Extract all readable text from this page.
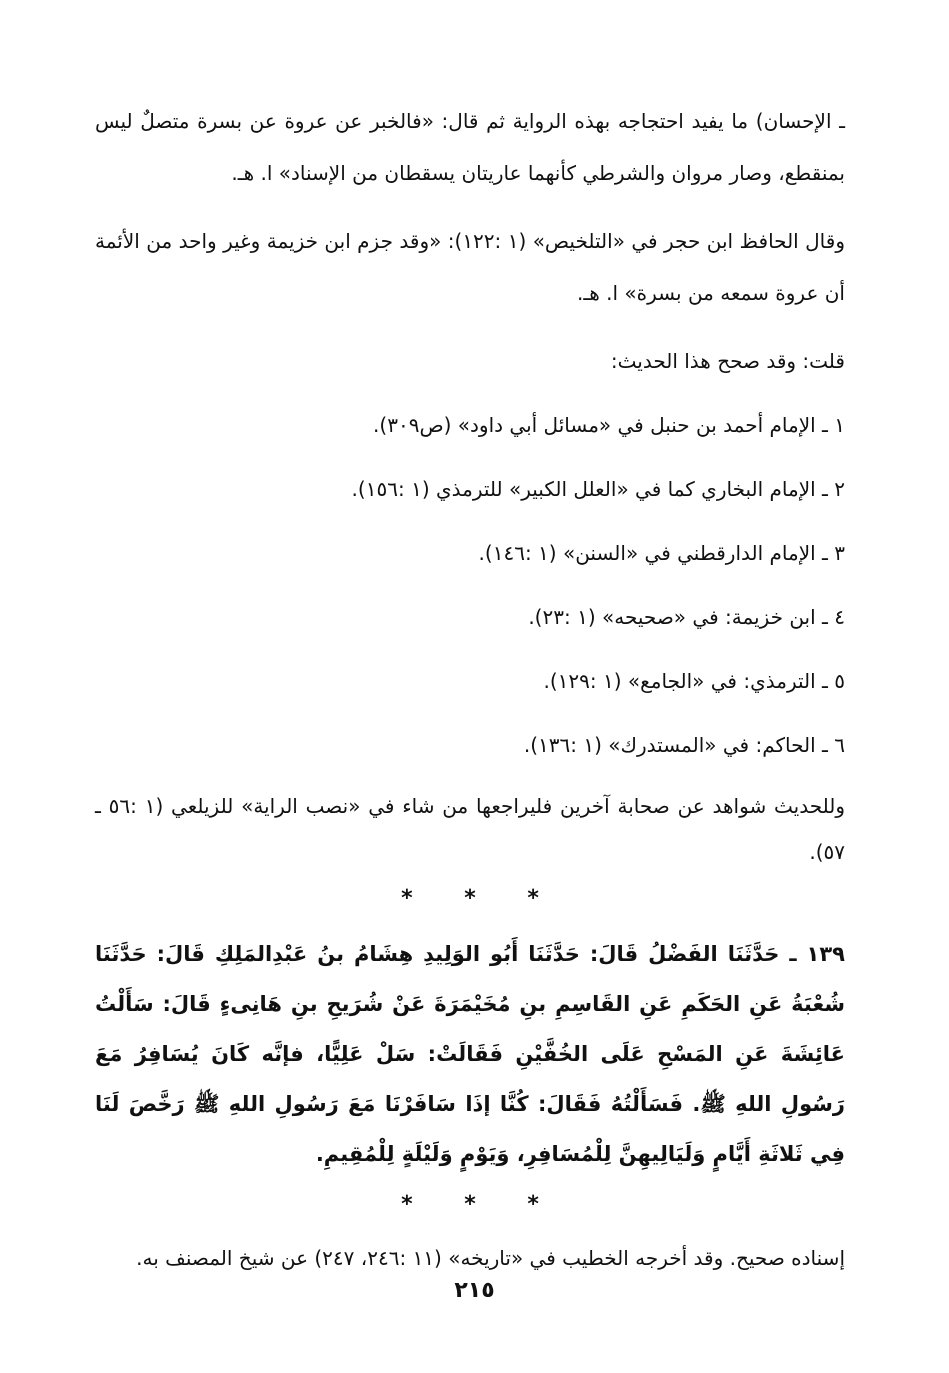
ـ الإحسان) ما يفيد احتجاجه بهذه الرواية ثم قال: «فالخبر عن عروة عن بسرة متصلٌ ليس بمنقطع، وصار مروان والشرطي كأنهما عاريتان يسقطان من الإسناد» ا. هـ.

وقال الحافظ ابن حجر في «التلخيص» (١ :١٢٢): «وقد جزم ابن خزيمة وغير واحد من الأئمة أن عروة سمعه من بسرة» ا. هـ.

قلت: وقد صحح هذا الحديث:

١ ـ الإمام أحمد بن حنبل في «مسائل أبي داود» (ص٣٠٩).

٢ ـ الإمام البخاري كما في «العلل الكبير» للترمذي (١ :١٥٦).

٣ ـ الإمام الدارقطني في «السنن» (١ :١٤٦).

٤ ـ ابن خزيمة: في «صحيحه» (١ :٢٣).

٥ ـ الترمذي: في «الجامع» (١ :١٢٩).

٦ ـ الحاكم: في «المستدرك» (١ :١٣٦).

وللحديث شواهد عن صحابة آخرين فليراجعها من شاء في «نصب الراية» للزيلعي (١ :٥٦ ـ ٥٧).

* * *

١٣٩ ـ حَدَّثَنَا الفَضْلُ قَالَ: حَدَّثَنَا أَبُو الوَلِيدِ هِشَامُ بنُ عَبْدِالمَلِكِ قَالَ: حَدَّثَنَا شُعْبَةُ عَنِ الحَكَمِ عَنِ القَاسِمِ بنِ مُخَيْمَرَةَ عَنْ شُرَيحِ بنِ هَانِىءٍ قَالَ: سَأَلْتُ عَائِشَةَ عَنِ المَسْحِ عَلَى الخُفَّيْنِ فَقَالَتْ: سَلْ عَلِيًّا، فإنَّه كَانَ يُسَافِرُ مَعَ رَسُولِ اللهِ ﷺ. فَسَأَلْتُهُ فَقَالَ: كُنَّا إذَا سَافَرْنَا مَعَ رَسُولِ اللهِ ﷺ رَخَّصَ لَنَا فِي ثَلاثَةِ أَيَّامٍ وَلَيَالِيهِنَّ لِلْمُسَافِرِ، وَيَوْمٍ وَلَيْلَةٍ لِلْمُقِيمِ.

* * *

إسناده صحيح. وقد أخرجه الخطيب في «تاريخه» (١١ :٢٤٦، ٢٤٧) عن شيخ المصنف به.

٢١٥
